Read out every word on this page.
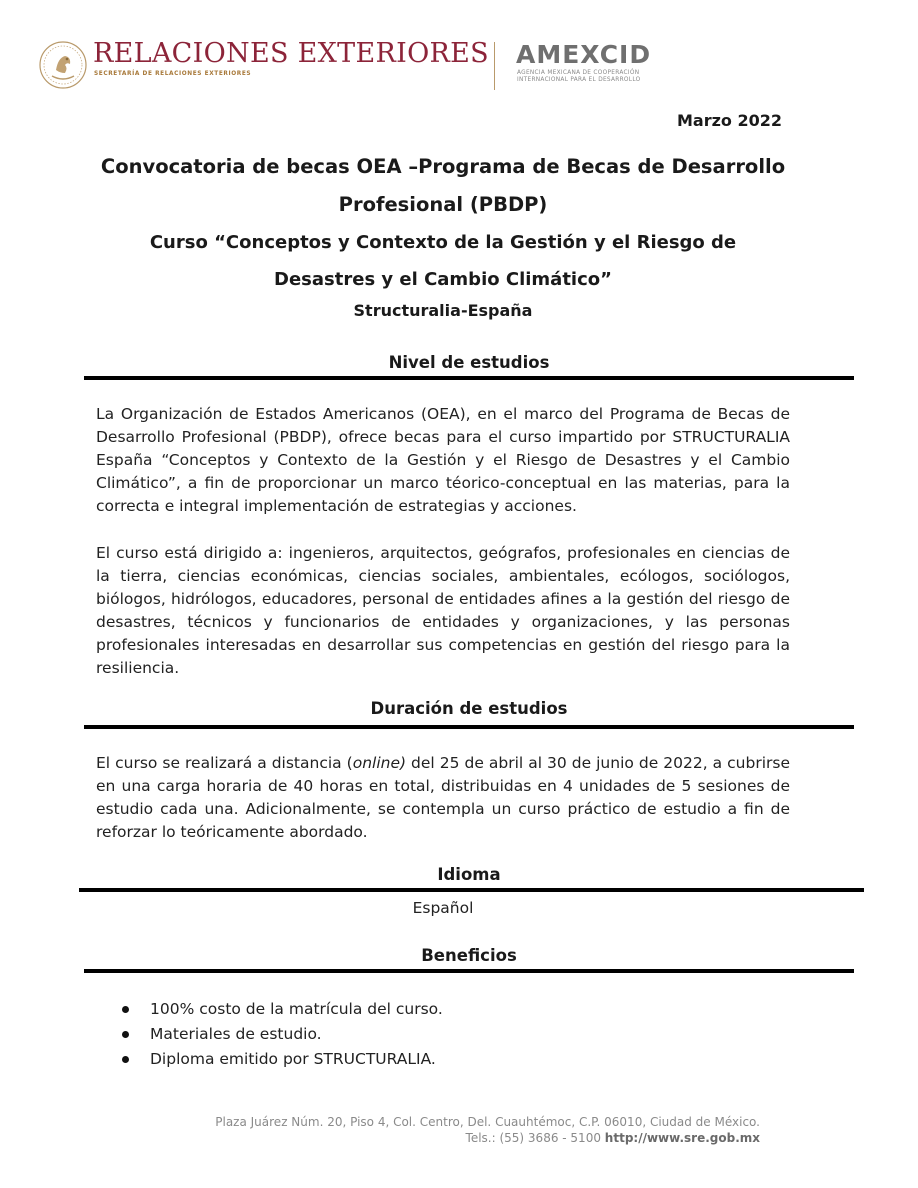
RELACIONES EXTERIORES
SECRETARÍA DE RELACIONES EXTERIORES
AMEXCID
AGENCIA MEXICANA DE COOPERACIÓN
INTERNACIONAL PARA EL DESARROLLO
Marzo 2022

Convocatoria de becas OEA –Programa de Becas de Desarrollo

Profesional (PBDP)

Curso “Conceptos y Contexto de la Gestión y el Riesgo de

Desastres y el Cambio Climático”

Structuralia-España

Nivel de estudios

La Organización de Estados Americanos (OEA), en el marco del Programa de Becas de Desarrollo Profesional (PBDP), ofrece becas para el curso impartido por STRUCTURALIA España “Conceptos y Contexto de la Gestión y el Riesgo de Desastres y el Cambio Climático”, a fin de proporcionar un marco téorico-conceptual en las materias, para la correcta e integral implementación de estrategias y acciones.

El curso está dirigido a: ingenieros, arquitectos, geógrafos, profesionales en ciencias de la tierra, ciencias económicas, ciencias sociales, ambientales, ecólogos, sociólogos, biólogos, hidrólogos, educadores, personal de entidades afines a la gestión del riesgo de desastres, técnicos y funcionarios de entidades y organizaciones, y las personas profesionales interesadas en desarrollar sus competencias en gestión del riesgo para la resiliencia.

Duración de estudios

El curso se realizará a distancia (online) del 25 de abril al 30 de junio de 2022, a cubrirse en una carga horaria de 40 horas en total, distribuidas en 4 unidades de 5 sesiones de estudio cada una. Adicionalmente, se contempla un curso práctico de estudio a fin de reforzar lo teóricamente abordado.

Idioma
Español
Beneficios
100% costo de la matrícula del curso.
Materiales de estudio.
Diploma emitido por STRUCTURALIA.
Plaza Juárez Núm. 20, Piso 4, Col. Centro, Del. Cuauhtémoc, C.P. 06010, Ciudad de México.
Tels.: (55) 3686 - 5100 http://www.sre.gob.mx
